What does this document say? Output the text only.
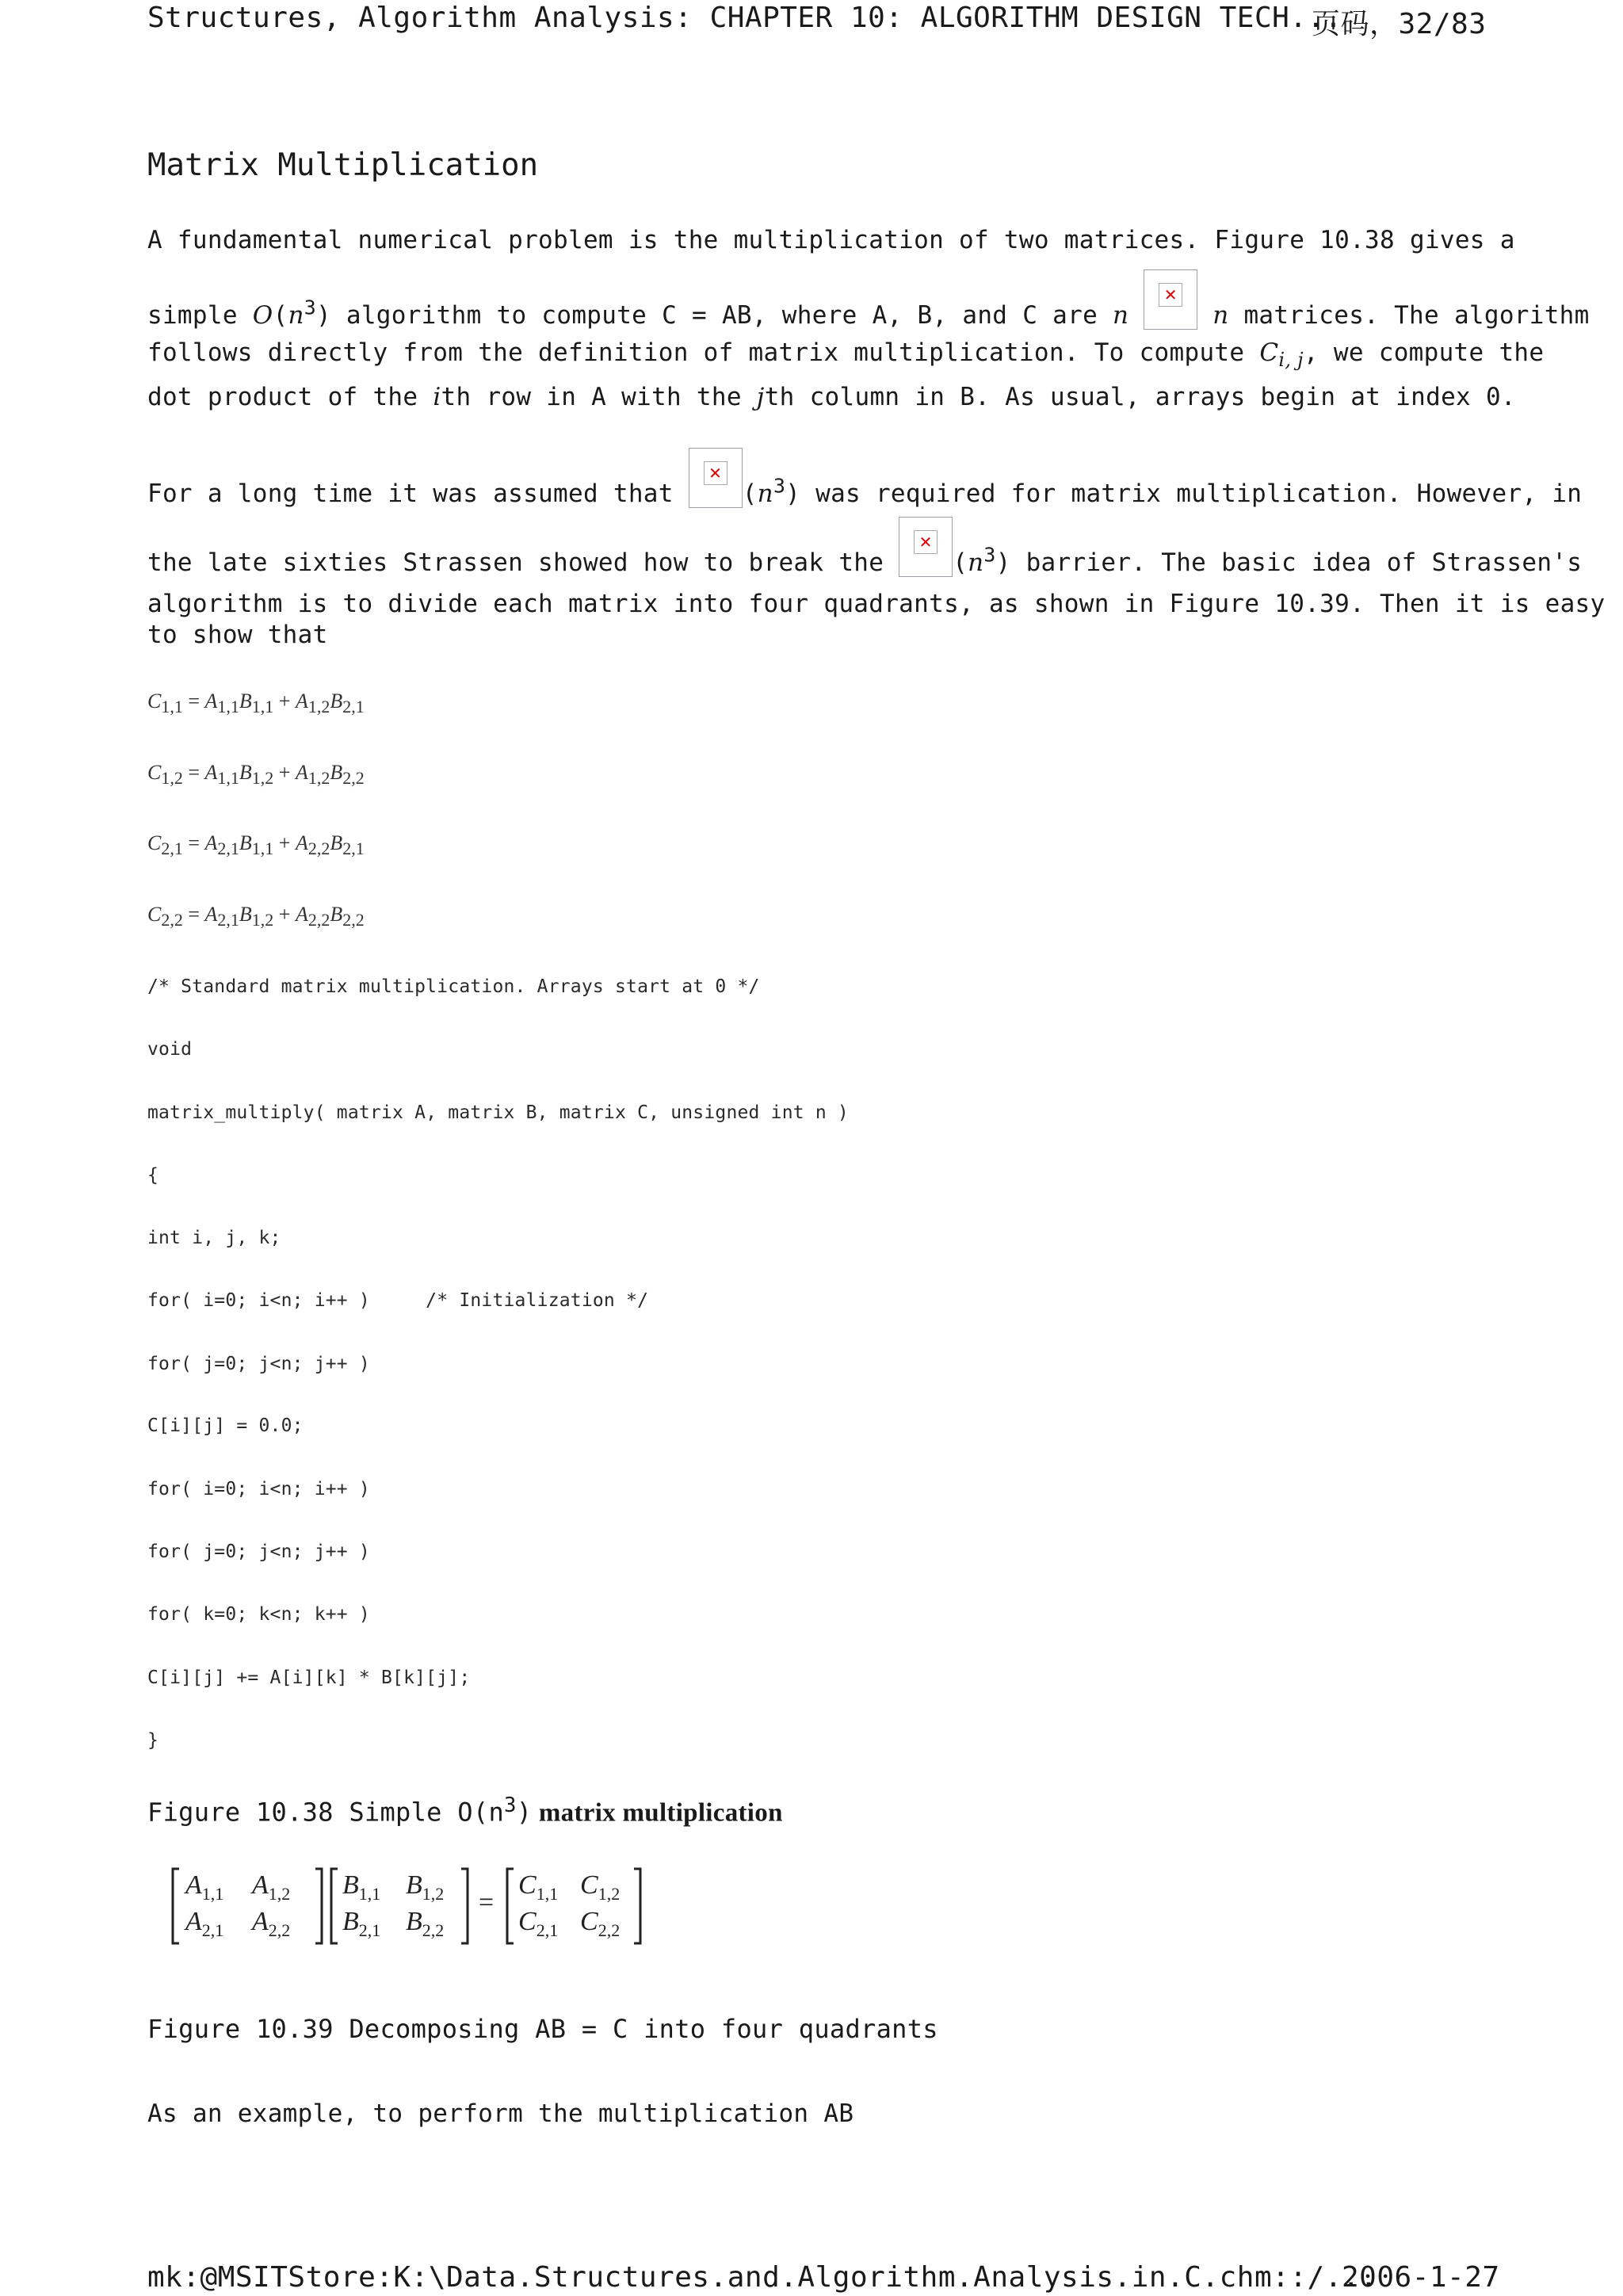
Structures, Algorithm Analysis: CHAPTER 10: ALGORITHM DESIGN TECH...
页码，32/83
Matrix Multiplication
A fundamental numerical problem is the multiplication of two matrices. Figure 10.38 gives a
simple $O(n^3)$ algorithm to compute C = AB, where A, B, and C are n
✕
n matrices. The algorithm
follows directly from the definition of matrix multiplication. To compute $C_{i, j}$, we compute the
dot product of the ith row in A with the jth column in B. As usual, arrays begin at index 0.
For a long time it was assumed that
✕
$(n^3)$ was required for matrix multiplication. However, in
the late sixties Strassen showed how to break the
✕
$(n^3)$ barrier. The basic idea of Strassen's
algorithm is to divide each matrix into four quadrants, as shown in Figure 10.39. Then it is easy
to show that
$C_{1,1} = A_{1,1}B_{1,1} + A_{1,2}B_{2,1}$
$C_{1,2} = A_{1,1}B_{1,2} + A_{1,2}B_{2,2}$
$C_{2,1} = A_{2,1}B_{1,1} + A_{2,2}B_{2,1}$
$C_{2,2} = A_{2,1}B_{1,2} + A_{2,2}B_{2,2}$
/* Standard matrix multiplication. Arrays start at 0 */
void
matrix_multiply( matrix A, matrix B, matrix C, unsigned int n )
{
int i, j, k;
for( i=0; i<n; i++ )     /* Initialization */
for( j=0; j<n; j++ )
C[i][j] = 0.0;
for( i=0; i<n; i++ )
for( j=0; j<n; j++ )
for( k=0; k<n; k++ )
C[i][j] += A[i][k] * B[k][j];
}
Figure 10.38 Simple $O(n^3)$ matrix multiplication
$A_{1,1}$ $A_{1,2}$
$A_{2,1}$ $A_{2,2}$
$B_{1,1}$ $B_{1,2}$
$B_{2,1}$ $B_{2,2}$
=
$C_{1,1}$ $C_{1,2}$
$C_{2,1}$ $C_{2,2}$
Figure 10.39 Decomposing AB = C into four quadrants
As an example, to perform the multiplication AB
mk:@MSITStore:K:\Data.Structures.and.Algorithm.Analysis.in.C.chm::/...
2006-1-27
